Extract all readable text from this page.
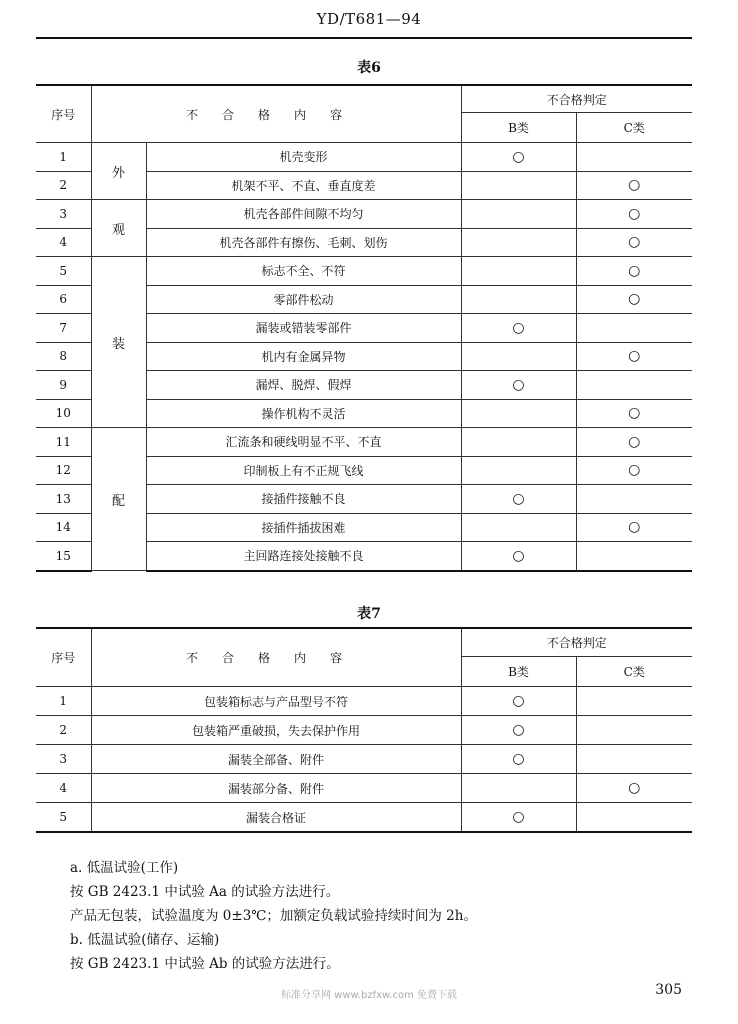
YD/T681—94
表6
序号	不合格内容		不合格判定	
			B类	C类
1	外	机壳变形	○	
2		机架不平、不直、垂直度差		○
3	观	机壳各部件间隙不均匀		○
4		机壳各部件有擦伤、毛刺、划伤		○
5	装	标志不全、不符		○
6		零部件松动		○
7		漏装或错装零部件	○	
8		机内有金属异物		○
9		漏焊、脱焊、假焊	○	
10		操作机构不灵活		○
11	配	汇流条和硬线明显不平、不直		○
12		印制板上有不正规飞线		○
13		接插件接触不良	○	
14		接插件插拔困难		○
15		主回路连接处接触不良	○	
表7
序号	不合格内容	不合格判定	
		B类	C类
1	包装箱标志与产品型号不符	○	
2	包装箱严重破损，失去保护作用	○	
3	漏装全部备、附件	○	
4	漏装部分备、附件		○
5	漏装合格证	○	

a. 低温试验(工作)

按 GB 2423.1 中试验 Aa 的试验方法进行。

产品无包装，试验温度为 0±3℃；加额定负载试验持续时间为 2h。

b. 低温试验(储存、运输)

按 GB 2423.1 中试验 Ab 的试验方法进行。

标准分享网 www.bzfxw.com 免费下载	305
